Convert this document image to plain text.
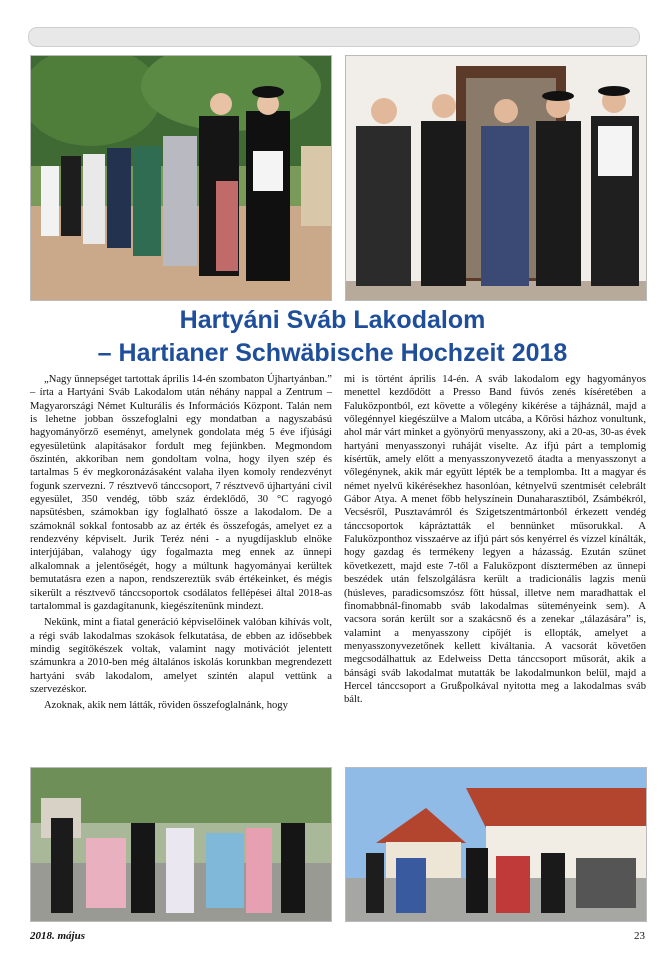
Hartyáni Sváb Lakodalom
– Hartianer Schwäbische Hochzeit 2018

„Nagy ünnepséget tartottak április 14-én szombaton Újhartyánban.” – írta a Hartyáni Sváb Lakodalom után néhány nappal a Zentrum – Magyarországi Német Kulturális és Információs Központ. Talán nem is lehetne jobban összefoglalni egy mondatban a nagyszabású hagyományőrző eseményt, amelynek gondolata még 5 éve ifjúsági egyesületünk alapításakor fordult meg fejünkben. Megmondom őszintén, akkoriban nem gondoltam volna, hogy ilyen szép és tartalmas 5 év megkoronázásaként valaha ilyen komoly rendezvényt fogunk szervezni. 7 résztvevő tánccsoport, 7 résztvevő újhartyáni civil egyesület, 350 vendég, több száz érdeklődő, 30 °C ragyogó napsütésben, számokban így foglalható össze a lakodalom. De a számoknál sokkal fontosabb az az érték és összefogás, amelyet ez a rendezvény képviselt. Jurik Teréz néni - a nyugdíjasklub elnöke interjújában, valahogy úgy fogalmazta meg ennek az ünnepi alkalomnak a jelentőségét, hogy a múltunk hagyományai kerültek bemutatásra ezen a napon, rendszereztük sváb értékeinket, és mégis sikerült a résztvevő tánccsoportok csodálatos fellépései által 2018-as tartalommal is gazdagítanunk, kiegészítenünk mindezt.

Nekünk, mint a fiatal generáció képviselőinek valóban kihívás volt, a régi sváb lakodalmas szokások felkutatása, de ebben az idősebbek mindig segítőkészek voltak, valamint nagy motivációt jelentett számunkra a 2010-ben még általános iskolás korunkban megrendezett hartyáni sváb lakodalom, amelyet szintén alapul vettünk a szervezéskor.

Azoknak, akik nem látták, röviden összefoglalnánk, hogy

mi is történt április 14-én. A sváb lakodalom egy hagyományos menettel kezdődött a Presso Band fúvós zenés kíséretében a Faluközpontból, ezt követte a vőlegény kikérése a tájháznál, majd a vőlegénnyel kiegészülve a Malom utcába, a Kőrösi házhoz vonultunk, ahol már várt minket a gyönyörű menyasszony, aki a 20-as, 30-as évek hartyáni menyasszonyi ruháját viselte. Az ifjú párt a templomig kísértük, amely előtt a menyasszonyvezető átadta a menyasszonyt a vőlegénynek, akik már együtt lépték be a templomba. Itt a magyar és német nyelvű kikérésekhez hasonlóan, kétnyelvű szentmisét celebrált Gábor Atya. A menet főbb helyszínein Dunaharasztiból, Zsámbékról, Vecsésről, Pusztavámról és Szigetszentmártonból érkezett vendég tánccsoportok kápráztatták el bennünket műsorukkal. A Faluközponthoz visszaérve az ifjú párt sós kenyérrel és vízzel kínálták, hogy gazdag és termékeny legyen a házasság. Ezután szünet következett, majd este 7-től a Faluközpont dísztermében az ünnepi beszédek után felszolgálásra került a tradicionális lagzis menü (húsleves, paradicsomszósz főtt hússal, illetve nem maradhattak el finomabbnál-finomabb sváb lakodalmas süteményeink sem). A vacsora során került sor a szakácsnő és a zenekar „tálazására” is, valamint a menyasszony cipőjét is ellopták, amelyet a menyasszonyvezetőnek kellett kiváltania. A vacsorát követően megcsodálhattuk az Edelweiss Detta tánccsoport műsorát, akik a bánsági sváb lakodalmat mutatták be lakodalmunkon belül, majd a Hercel tánccsoport a Grußpolkával nyitotta meg a lakodalmas sváb bált.

2018. május	23
